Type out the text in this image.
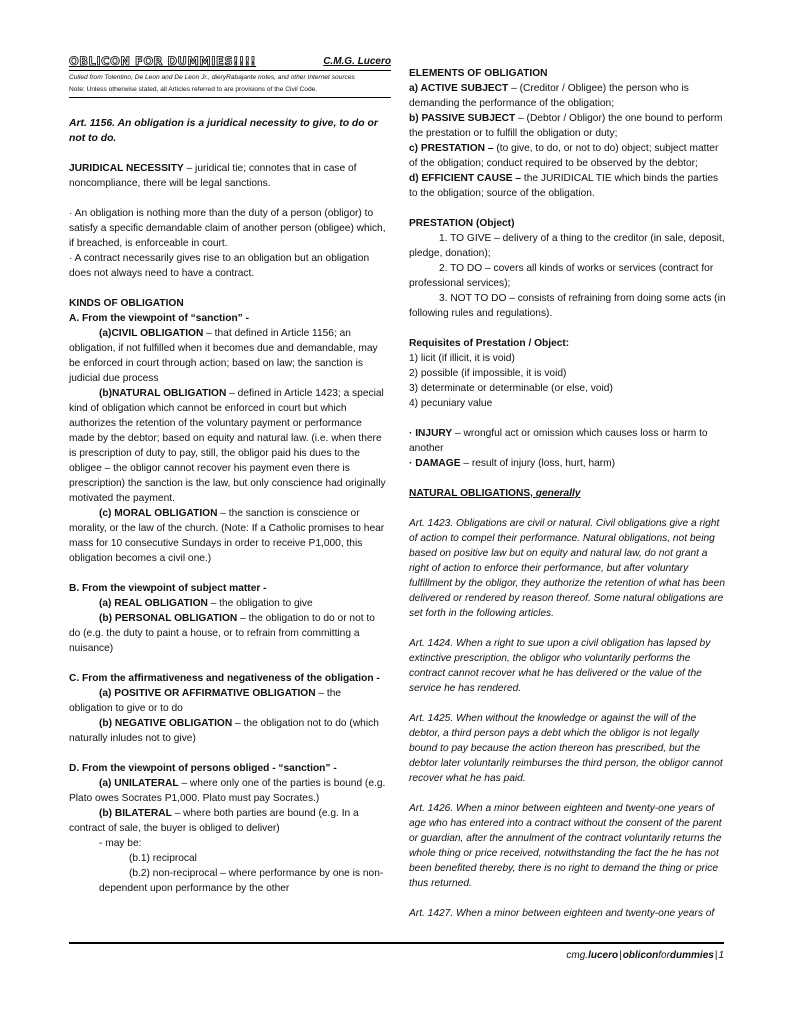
OBLICON FOR DUMMIES!!!!	C.M.G. Lucero

Culled from Tolentino, De Leon and De Leon Jr., dieryRabajante notes, and other Internet sources

Note: Unless otherwise stated, all Articles referred to are provisions of the Civil Code.

Art. 1156. An obligation is a juridical necessity to give, to do or not to do.

JURIDICAL NECESSITY – juridical tie; connotes that in case of noncompliance, there will be legal sanctions.

· An obligation is nothing more than the duty of a person (obligor) to satisfy a specific demandable claim of another person (obligee) which, if breached, is enforceable in court.

· A contract necessarily gives rise to an obligation but an obligation does not always need to have a contract.

KINDS OF OBLIGATION

A. From the viewpoint of “sanction” -

(a)CIVIL OBLIGATION – that defined in Article 1156; an obligation, if not fulfilled when it becomes due and demandable, may be enforced in court through action; based on law; the sanction is judicial due process

(b)NATURAL OBLIGATION – defined in Article 1423; a special kind of obligation which cannot be enforced in court but which authorizes the retention of the voluntary payment or performance made by the debtor; based on equity and natural law. (i.e. when there is prescription of duty to pay, still, the obligor paid his dues to the obligee – the obligor cannot recover his payment even there is prescription) the sanction is the law, but only conscience had originally motivated the payment.

(c) MORAL OBLIGATION – the sanction is conscience or morality, or the law of the church. (Note: If a Catholic promises to hear mass for 10 consecutive Sundays in order to receive P1,000, this obligation becomes a civil one.)

B. From the viewpoint of subject matter -

(a) REAL OBLIGATION – the obligation to give

(b) PERSONAL OBLIGATION – the obligation to do or not to do (e.g. the duty to paint a house, or to refrain from committing a nuisance)

C. From the affirmativeness and negativeness of the obligation -

(a) POSITIVE OR AFFIRMATIVE OBLIGATION – the obligation to give or to do

(b) NEGATIVE OBLIGATION – the obligation not to do (which naturally inludes not to give)

D. From the viewpoint of persons obliged - “sanction” -

(a) UNILATERAL – where only one of the parties is bound (e.g. Plato owes Socrates P1,000. Plato must pay Socrates.)

(b) BILATERAL – where both parties are bound (e.g. In a contract of sale, the buyer is obliged to deliver)

- may be:

(b.1) reciprocal

(b.2) non-reciprocal – where performance by one is non-dependent upon performance by the other

ELEMENTS OF OBLIGATION

a) ACTIVE SUBJECT – (Creditor / Obligee) the person who is demanding the performance of the obligation;

b) PASSIVE SUBJECT – (Debtor / Obligor) the one bound to perform the prestation or to fulfill the obligation or duty;

c) PRESTATION – (to give, to do, or not to do) object; subject matter of the obligation; conduct required to be observed by the debtor;

d) EFFICIENT CAUSE – the JURIDICAL TIE which binds the parties to the obligation; source of the obligation.

PRESTATION (Object)

1. TO GIVE – delivery of a thing to the creditor (in sale, deposit, pledge, donation);

2. TO DO – covers all kinds of works or services (contract for professional services);

3. NOT TO DO – consists of refraining from doing some acts (in following rules and regulations).

Requisites of Prestation / Object:

1) licit (if illicit, it is void)

2) possible (if impossible, it is void)

3) determinate or determinable (or else, void)

4) pecuniary value

· INJURY – wrongful act or omission which causes loss or harm to another

· DAMAGE – result of injury (loss, hurt, harm)

NATURAL OBLIGATIONS, generally

Art. 1423. Obligations are civil or natural. Civil obligations give a right of action to compel their performance. Natural obligations, not being based on positive law but on equity and natural law, do not grant a right of action to enforce their performance, but after voluntary fulfillment by the obligor, they authorize the retention of what has been delivered or rendered by reason thereof. Some natural obligations are set forth in the following articles.

Art. 1424. When a right to sue upon a civil obligation has lapsed by extinctive prescription, the obligor who voluntarily performs the contract cannot recover what he has delivered or the value of the service he has rendered.

Art. 1425. When without the knowledge or against the will of the debtor, a third person pays a debt which the obligor is not legally bound to pay because the action thereon has prescribed, but the debtor later voluntarily reimburses the third person, the obligor cannot recover what he has paid.

Art. 1426. When a minor between eighteen and twenty-one years of age who has entered into a contract without the consent of the parent or guardian, after the annulment of the contract voluntarily returns the whole thing or price received, notwithstanding the fact the he has not been benefited thereby, there is no right to demand the thing or price thus returned.

Art. 1427. When a minor between eighteen and twenty-one years of

cmg.lucero|obliconfordummies|1
